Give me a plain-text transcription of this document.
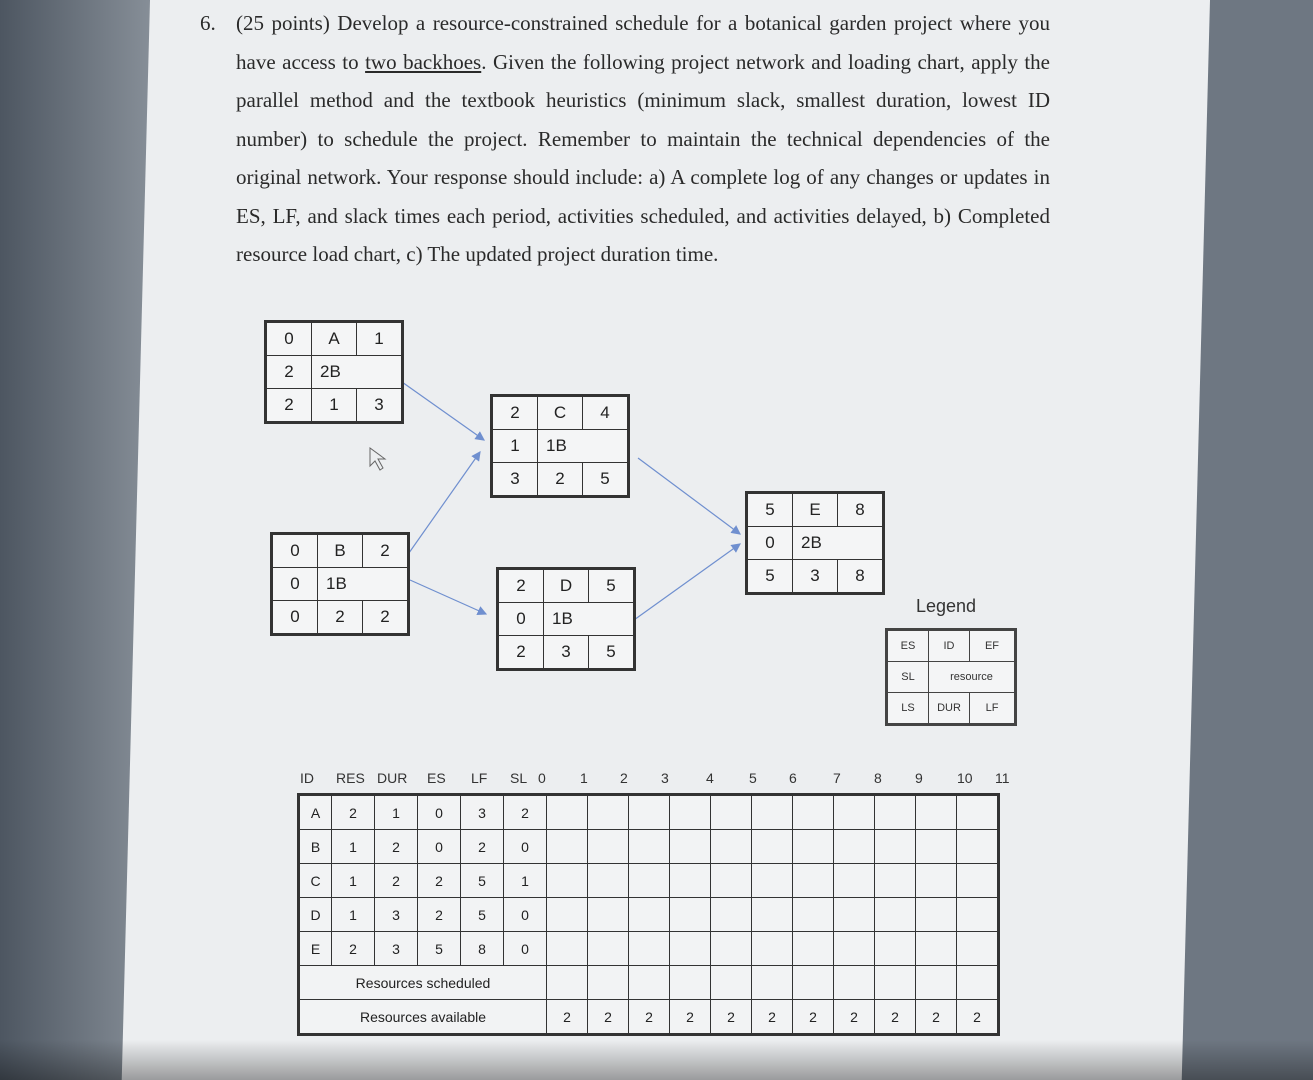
6. (25 points) Develop a resource-constrained schedule for a botanical garden project where you have access to two backhoes. Given the following project network and loading chart, apply the parallel method and the textbook heuristics (minimum slack, smallest duration, lowest ID number) to schedule the project. Remember to maintain the technical dependencies of the original network. Your response should include: a) A complete log of any changes or updates in ES, LF, and slack times each period, activities scheduled, and activities delayed, b) Completed resource load chart, c) The updated project duration time.
0	A	1
2	2B	
2	1	3
0	B	2
0	1B	
0	2	2
2	C	4
1	1B	
3	2	5
2	D	5
0	1B	
2	3	5
5	E	8
0	2B	
5	3	8
Legend
ES	ID	EF
SL	resource	
LS	DUR	LF
ID RES DUR ES LF SL 0 1 2 3	4	5 6	7 8 9 10 11
A	2	1	0	3	2											
B	1	2	0	2	0											
C	1	2	2	5	1											
D	1	3	2	5	0											
E	2	3	5	8	0											
Resources scheduled																
Resources available						2	2	2	2	2	2	2	2	2	2	2
